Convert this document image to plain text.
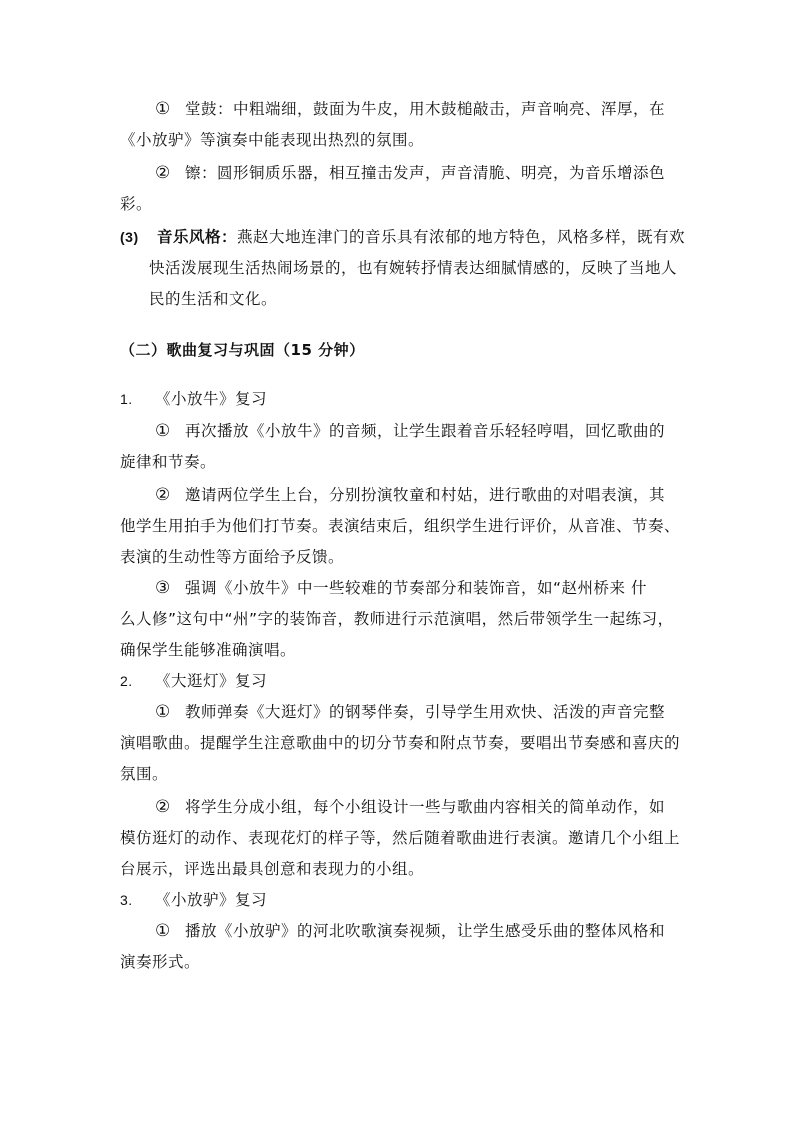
① 堂鼓：中粗端细，鼓面为牛皮，用木鼓槌敲击，声音响亮、浑厚，在

《小放驴》等演奏中能表现出热烈的氛围。

② 镲：圆形铜质乐器，相互撞击发声，声音清脆、明亮，为音乐增添色

彩。

(3) 音乐风格：燕赵大地连津门的音乐具有浓郁的地方特色，风格多样，既有欢

快活泼展现生活热闹场景的，也有婉转抒情表达细腻情感的，反映了当地人

民的生活和文化。

（二）歌曲复习与巩固（15 分钟）

1. 《小放牛》复习

① 再次播放《小放牛》的音频，让学生跟着音乐轻轻哼唱，回忆歌曲的

旋律和节奏。

② 邀请两位学生上台，分别扮演牧童和村姑，进行歌曲的对唱表演，其

他学生用拍手为他们打节奏。表演结束后，组织学生进行评价，从音准、节奏、

表演的生动性等方面给予反馈。

③ 强调《小放牛》中一些较难的节奏部分和装饰音，如“赵州桥来 什

么人修”这句中“州”字的装饰音，教师进行示范演唱，然后带领学生一起练习，

确保学生能够准确演唱。

2. 《大逛灯》复习

① 教师弹奏《大逛灯》的钢琴伴奏，引导学生用欢快、活泼的声音完整

演唱歌曲。提醒学生注意歌曲中的切分节奏和附点节奏，要唱出节奏感和喜庆的

氛围。

② 将学生分成小组，每个小组设计一些与歌曲内容相关的简单动作，如

模仿逛灯的动作、表现花灯的样子等，然后随着歌曲进行表演。邀请几个小组上

台展示，评选出最具创意和表现力的小组。

3. 《小放驴》复习

① 播放《小放驴》的河北吹歌演奏视频，让学生感受乐曲的整体风格和

演奏形式。
